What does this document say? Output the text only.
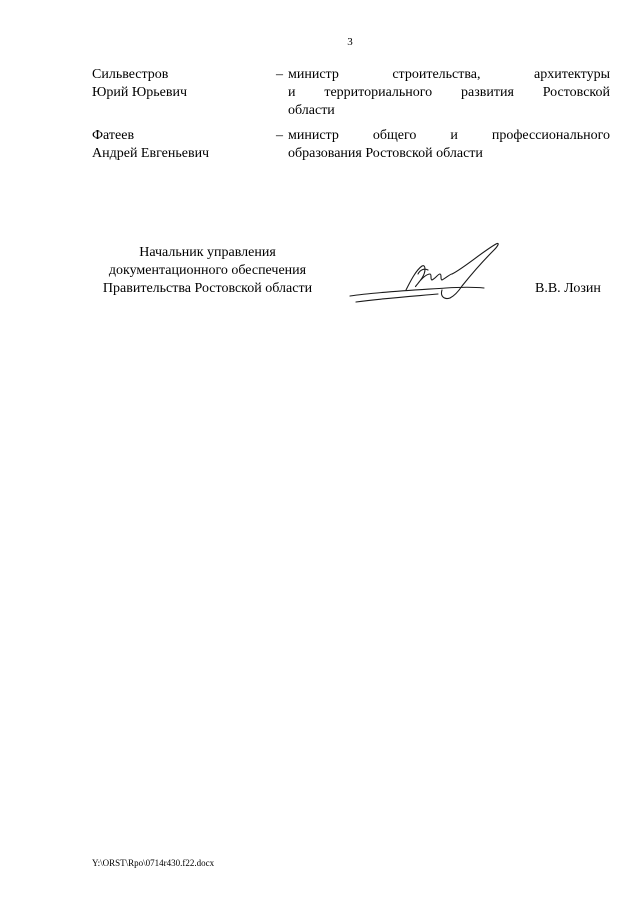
3
Сильвестров
Юрий Юрьевич
– министр строительства, архитектуры
и территориального развития Ростовской
области
Фатеев
Андрей Евгеньевич
– министр общего и профессионального
образования Ростовской области
Начальник управления
документационного обеспечения
Правительства Ростовской области	В.В. Лозин
Y:\ORST\Rpo\0714r430.f22.docx
